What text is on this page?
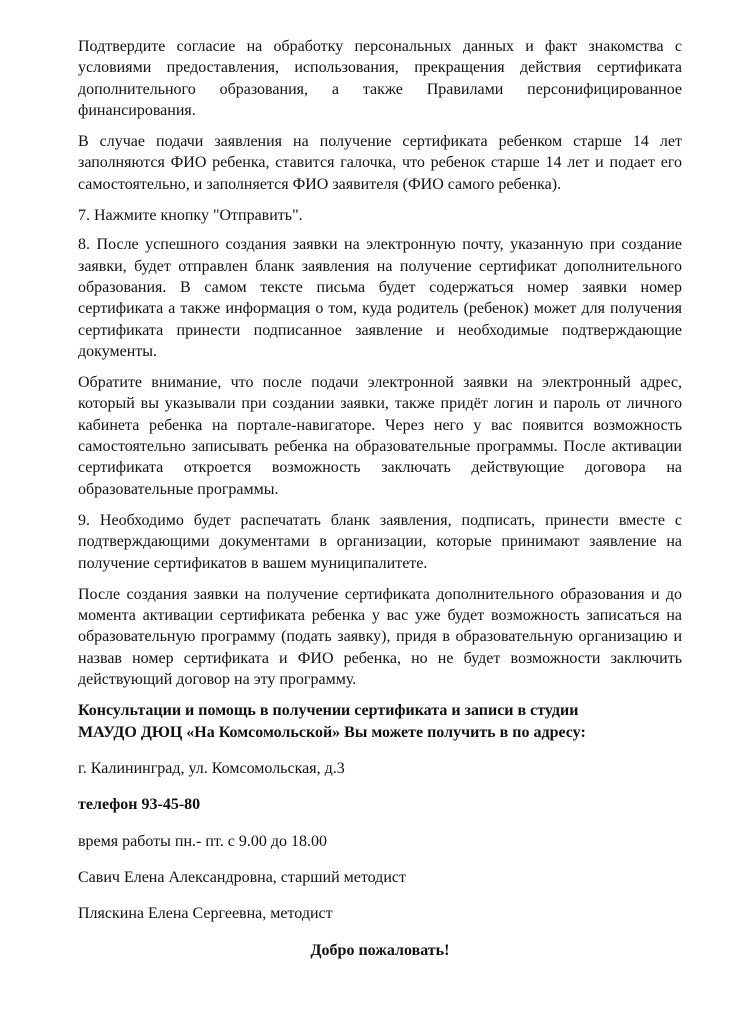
Подтвердите согласие на обработку персональных данных и факт знакомства с условиями предоставления, использования, прекращения действия сертификата дополнительного образования, а также Правилами персонифицированное финансирования.

В случае подачи заявления на получение сертификата ребенком старше 14 лет заполняются ФИО ребенка, ставится галочка, что ребенок старше 14 лет и подает его самостоятельно, и заполняется ФИО заявителя (ФИО самого ребенка).

7. Нажмите кнопку "Отправить".

8. После успешного создания заявки на электронную почту, указанную при создание заявки, будет отправлен бланк заявления на получение сертификат дополнительного образования. В самом тексте письма будет содержаться номер заявки номер сертификата а также информация о том, куда родитель (ребенок) может для получения сертификата принести подписанное заявление и необходимые подтверждающие документы.

Обратите внимание, что после подачи электронной заявки на электронный адрес, который вы указывали при создании заявки, также придёт логин и пароль от личного кабинета ребенка на портале-навигаторе. Через него у вас появится возможность самостоятельно записывать ребенка на образовательные программы. После активации сертификата откроется возможность заключать действующие договора на образовательные программы.

9. Необходимо будет распечатать бланк заявления, подписать, принести вместе с подтверждающими документами в организации, которые принимают заявление на получение сертификатов в вашем муниципалитете.

После создания заявки на получение сертификата дополнительного образования и до момента активации сертификата ребенка у вас уже будет возможность записаться на образовательную программу (подать заявку), придя в образовательную организацию и назвав номер сертификата и ФИО ребенка, но не будет возможности заключить действующий договор на эту программу.

Консультации и помощь в получении сертификата и записи в студии
МАУДО ДЮЦ «На Комсомольской» Вы можете получить в по адресу:

г. Калининград, ул. Комсомольская, д.3

телефон 93-45-80

время работы пн.- пт. с 9.00 до 18.00

Савич Елена Александровна, старший методист

Пляскина Елена Сергеевна, методист

Добро пожаловать!
